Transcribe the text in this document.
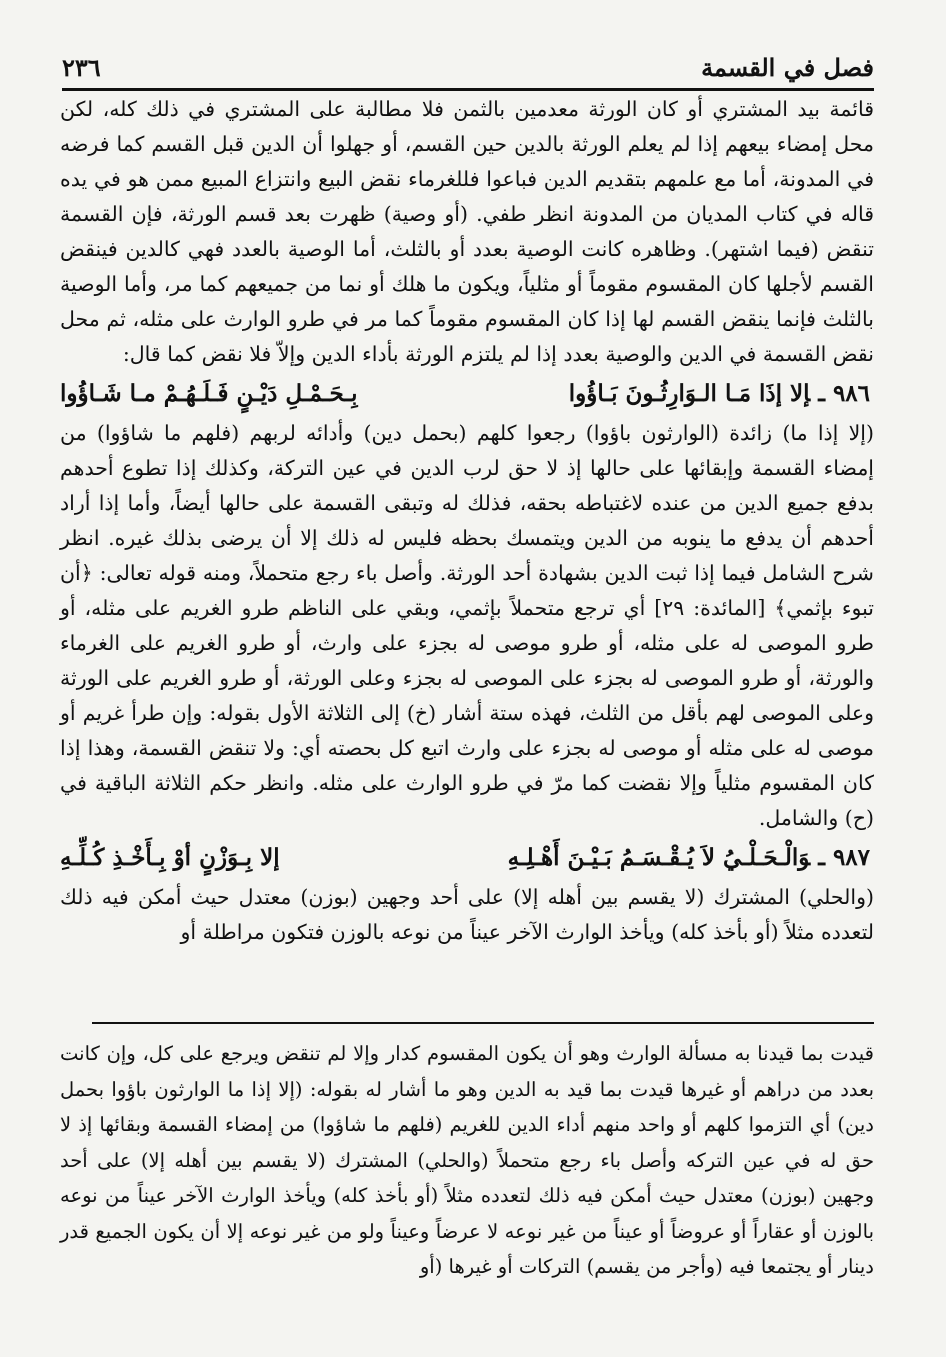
فصل في القسمة
٢٣٦

قائمة بيد المشتري أو كان الورثة معدمين بالثمن فلا مطالبة على المشتري في ذلك كله، لكن محل إمضاء بيعهم إذا لم يعلم الورثة بالدين حين القسم، أو جهلوا أن الدين قبل القسم كما فرضه في المدونة، أما مع علمهم بتقديم الدين فباعوا فللغرماء نقض البيع وانتزاع المبيع ممن هو في يده قاله في كتاب المديان من المدونة انظر طفي. (أو وصية) ظهرت بعد قسم الورثة، فإن القسمة تنقض (فيما اشتهر). وظاهره كانت الوصية بعدد أو بالثلث، أما الوصية بالعدد فهي كالدين فينقض القسم لأجلها كان المقسوم مقوماً أو مثلياً، ويكون ما هلك أو نما من جميعهم كما مر، وأما الوصية بالثلث فإنما ينقض القسم لها إذا كان المقسوم مقوماً كما مر في طرو الوارث على مثله، ثم محل نقض القسمة في الدين والوصية بعدد إذا لم يلتزم الورثة بأداء الدين وإلاّ فلا نقض كما قال:

٩٨٦ ـإلا إذَا مَـا الـوَارِثُـونَ بَـاؤُوا
بِـحَـمْـلِ دَيْـنٍ فَـلَـهُـمْ مـا شَـاؤُوا

(إلا إذا ما) زائدة (الوارثون باؤوا) رجعوا كلهم (بحمل دين) وأدائه لربهم (فلهم ما شاؤوا) من إمضاء القسمة وإبقائها على حالها إذ لا حق لرب الدين في عين التركة، وكذلك إذا تطوع أحدهم بدفع جميع الدين من عنده لاغتباطه بحقه، فذلك له وتبقى القسمة على حالها أيضاً، وأما إذا أراد أحدهم أن يدفع ما ينوبه من الدين ويتمسك بحظه فليس له ذلك إلا أن يرضى بذلك غيره. انظر شرح الشامل فيما إذا ثبت الدين بشهادة أحد الورثة. وأصل باء رجع متحملاً، ومنه قوله تعالى: ﴿أن تبوء بإثمي﴾ [المائدة: ٢٩] أي ترجع متحملاً بإثمي، وبقي على الناظم طرو الغريم على مثله، أو طرو الموصى له على مثله، أو طرو موصى له بجزء على وارث، أو طرو الغريم على الغرماء والورثة، أو طرو الموصى له بجزء على الموصى له بجزء وعلى الورثة، أو طرو الغريم على الورثة وعلى الموصى لهم بأقل من الثلث، فهذه ستة أشار (خ) إلى الثلاثة الأول بقوله: وإن طرأ غريم أو موصى له على مثله أو موصى له بجزء على وارث اتبع كل بحصته أي: ولا تنقض القسمة، وهذا إذا كان المقسوم مثلياً وإلا نقضت كما مرّ في طرو الوارث على مثله. وانظر حكم الثلاثة الباقية في (ح) والشامل.

٩٨٧ ـوَالْـحَـلْـيُ لاَ يُـقْـسَـمُ بَـيْـنَ أَهْـلِـهِ
إلا بِـوَزْنٍ أوْ بِـأَخْـذِ كُـلِّـهِ

(والحلي) المشترك (لا يقسم بين أهله إلا) على أحد وجهين (بوزن) معتدل حيث أمكن فيه ذلك لتعدده مثلاً (أو بأخذ كله) ويأخذ الوارث الآخر عيناً من نوعه بالوزن فتكون مراطلة أو

قيدت بما قيدنا به مسألة الوارث وهو أن يكون المقسوم كدار وإلا لم تنقض ويرجع على كل، وإن كانت بعدد من دراهم أو غيرها قيدت بما قيد به الدين وهو ما أشار له بقوله: (إلا إذا ما الوارثون باؤوا بحمل دين) أي التزموا كلهم أو واحد منهم أداء الدين للغريم (فلهم ما شاؤوا) من إمضاء القسمة وبقائها إذ لا حق له في عين التركه وأصل باء رجع متحملاً (والحلي) المشترك (لا يقسم بين أهله إلا) على أحد وجهين (بوزن) معتدل حيث أمكن فيه ذلك لتعدده مثلاً (أو بأخذ كله) ويأخذ الوارث الآخر عيناً من نوعه بالوزن أو عقاراً أو عروضاً أو عيناً من غير نوعه لا عرضاً وعيناً ولو من غير نوعه إلا أن يكون الجميع قدر دينار أو يجتمعا فيه (وأجر من يقسم) التركات أو غيرها (أو
